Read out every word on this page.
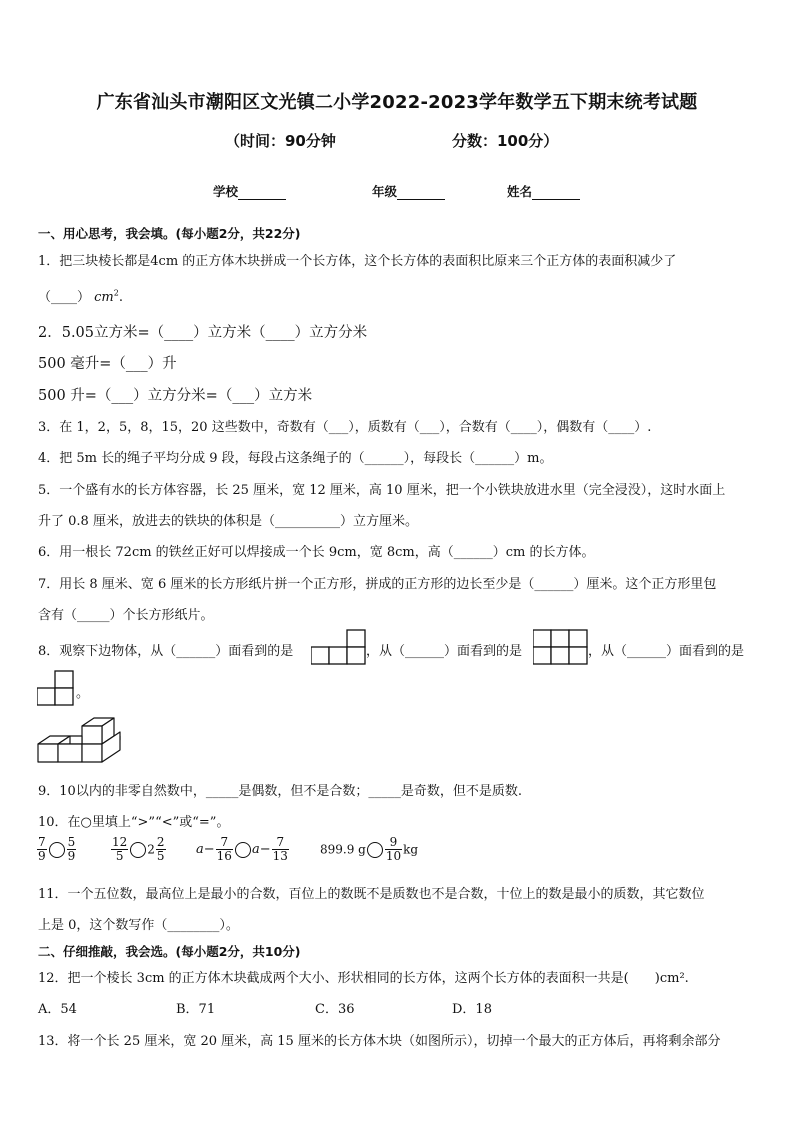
广东省汕头市潮阳区文光镇二小学2022-2023学年数学五下期末统考试题
（时间：90分钟	分数：100分）
学校	年级	姓名
一、用心思考，我会填。(每小题2分，共22分)
1．把三块棱长都是4cm 的正方体木块拼成一个长方体，这个长方体的表面积比原来三个正方体的表面积减少了
（____） $cm^2$.
2．5.05立方米=（____）立方米（____）立方分米
500 毫升=（___）升
500 升=（___）立方分米=（___）立方米
3．在 1，2，5，8，15，20 这些数中，奇数有（___），质数有（___），合数有（____），偶数有（____）.
4．把 5m 长的绳子平均分成 9 段，每段占这条绳子的（______），每段长（______）m。
5．一个盛有水的长方体容器，长 25 厘米，宽 12 厘米，高 10 厘米，把一个小铁块放进水里（完全浸没），这时水面上
升了 0.8 厘米，放进去的铁块的体积是（__________）立方厘米。
6．用一根长 72cm 的铁丝正好可以焊接成一个长 9cm，宽 8cm，高（______）cm 的长方体。
7．用长 8 厘米、宽 6 厘米的长方形纸片拼一个正方形，拼成的正方形的边长至少是（______）厘米。这个正方形里包
含有（_____）个长方形纸片。
8．观察下边物体，从（______）面看到的是	，从（______）面看到的是	，从（______）面看到的是
。
9．10以内的非零自然数中，_____是偶数，但不是合数；_____是奇数，但不是质数.
10．在○里填上“>”“<”或“=”。
$\frac{7}{9} \frac{5}{9}$	$\frac{12}{5} 2 \frac{2}{5} a- \frac{7}{16} a- \frac{7}{13}$	899.9 g $\frac{9}{10}$ kg
11．一个五位数，最高位上是最小的合数，百位上的数既不是质数也不是合数，十位上的数是最小的质数，其它数位
上是 0，这个数写作（________）。
二、仔细推敲，我会选。(每小题2分，共10分)
12．把一个棱长 3cm 的正方体木块截成两个大小、形状相同的长方体，这两个长方体的表面积一共是(　　)cm².
A．54	B．71	C．36	D．18
13．将一个长 25 厘米，宽 20 厘米，高 15 厘米的长方体木块（如图所示），切掉一个最大的正方体后，再将剩余部分
